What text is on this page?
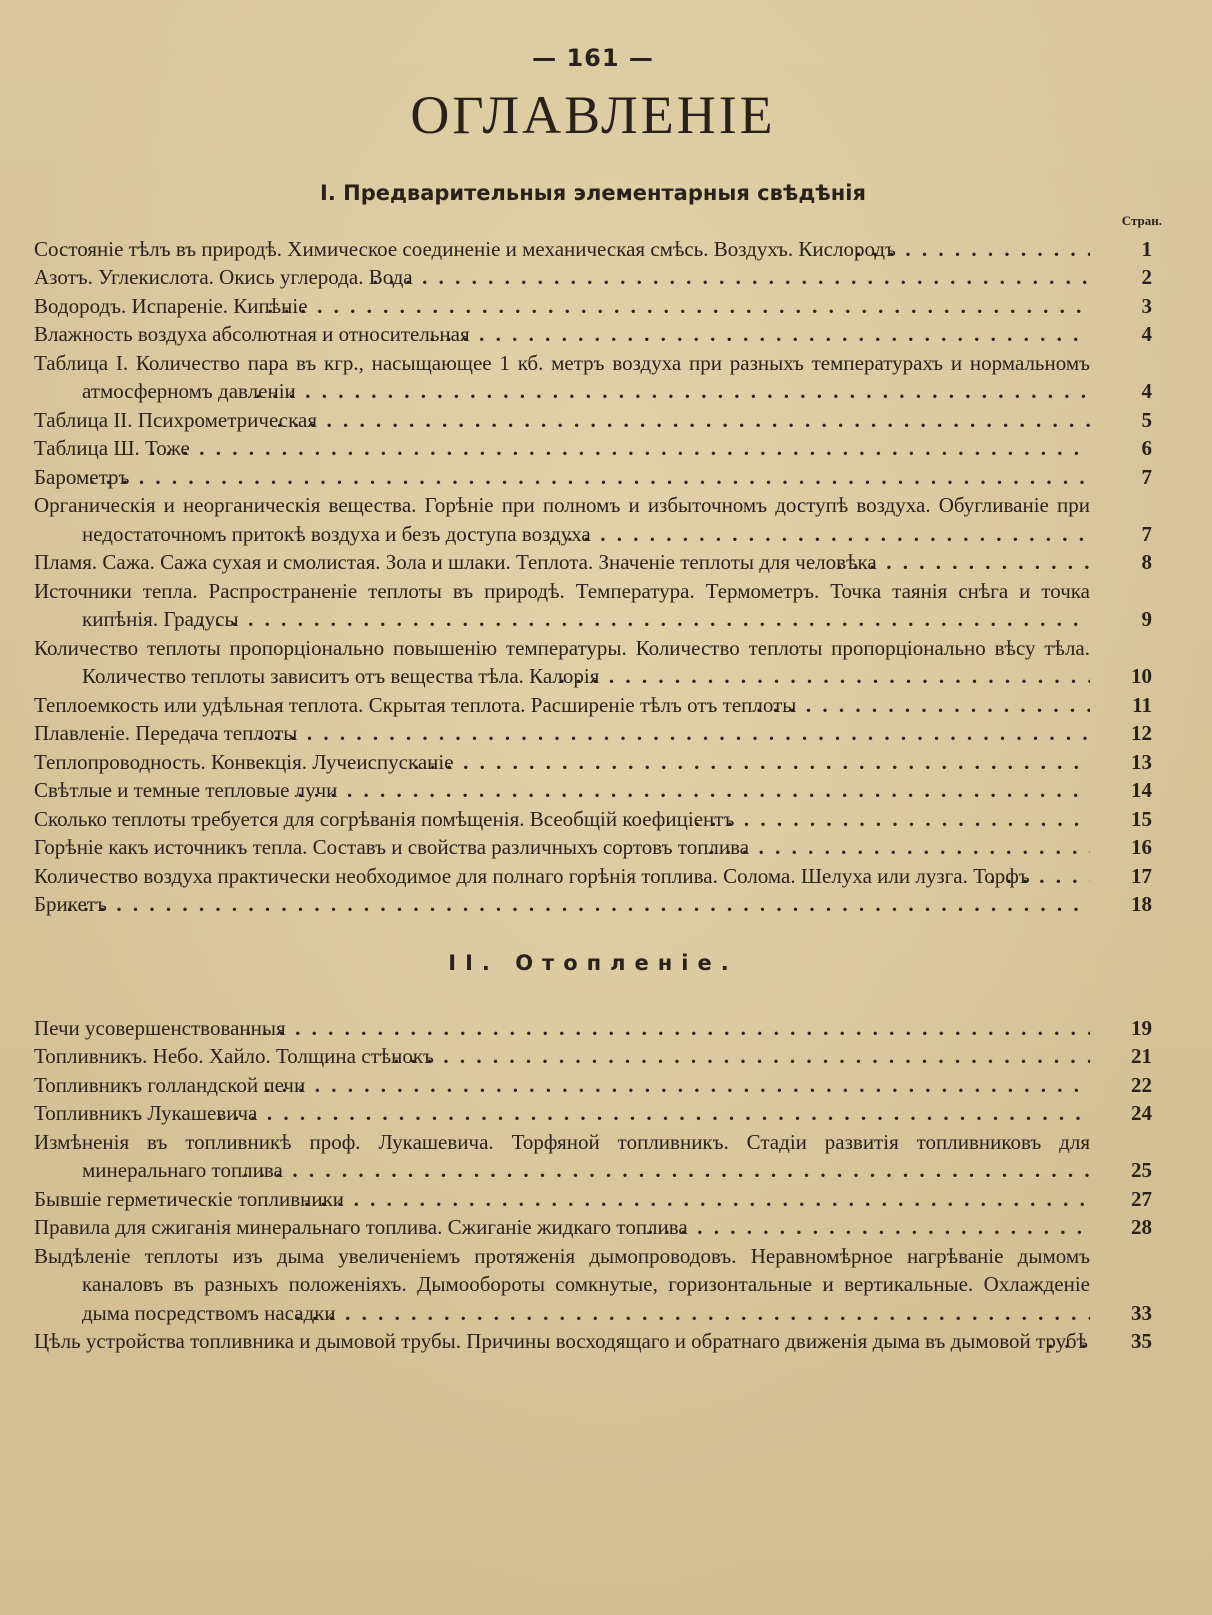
— 161 —
ОГЛАВЛЕНІЕ
I. Предварительныя элементарныя свѣдѣнія
Стран.
Состояніе тѣлъ въ природѣ. Химическое соединеніе и механическая смѣсь. Воздухъ. Кислородъ . . .	1
Азотъ. Углекислота. Окись углерода. Вода . . .	2
Водородъ. Испареніе. Кипѣніе . . .	3
Влажность воздуха абсолютная и относительная . . .	4
Таблица I. Количество пара въ кгр., насыщающее 1 кб. метръ воздуха при разныхъ температурахъ и нормальномъ атмосферномъ давленіи . . .	4
Таблица II. Психрометрическая . . .	5
Таблица Ш. Тоже . . .	6
Барометръ . . .	7
Органическія и неорганическія вещества. Горѣніе при полномъ и избыточномъ доступѣ воздуха. Обугливаніе при недостаточномъ притокѣ воздуха и безъ доступа воздуха . . .	7
Пламя. Сажа. Сажа сухая и смолистая. Зола и шлаки. Теплота. Значеніе теплоты для человѣка . . .	8
Источники тепла. Распространеніе теплоты въ природѣ. Температура. Термометръ. Точка таянія снѣга и точка кипѣнія. Градусы . . .	9
Количество теплоты пропорціонально повышенію температуры. Количество теплоты пропорціонально вѣсу тѣла. Количество теплоты зависитъ отъ вещества тѣла. Калорія . . .	10
Теплоемкость или удѣльная теплота. Скрытая теплота. Расширеніе тѣлъ отъ теплоты . . .	11
Плавленіе. Передача теплоты . . .	12
Теплопроводность. Конвекція. Лучеиспусканіе . . .	13
Свѣтлые и темные тепловые лучи . . .	14
Сколько теплоты требуется для согрѣванія помѣщенія. Всеобщій коефиціентъ . . .	15
Горѣніе какъ источникъ тепла. Составъ и свойства различныхъ сортовъ топлива . . .	16
Количество воздуха практически необходимое для полнаго горѣнія топлива. Солома. Шелуха или лузга. Торфъ . . .	17
Брикетъ . . .	18
II. Отопленіе.
Печи усовершенствованныя . . .	19
Топливникъ. Небо. Хайло. Толщина стѣнокъ . . .	21
Топливникъ голландской печи . . .	22
Топливникъ Лукашевича . . .	24
Измѣненія въ топливникѣ проф. Лукашевича. Торфяной топливникъ. Стадіи развитія топливниковъ для минеральнаго топлива . . .	25
Бывшіе герметическіе топливники . . .	27
Правила для сжиганія минеральнаго топлива. Сжиганіе жидкаго топлива . . .	28
Выдѣленіе теплоты изъ дыма увеличеніемъ протяженія дымопроводовъ. Неравномѣрное нагрѣваніе дымомъ каналовъ въ разныхъ положеніяхъ. Дымообороты сомкнутые, горизонтальные и вертикальные. Охлажденіе дыма посредствомъ насадки . . .	33
Цѣль устройства топливника и дымовой трубы. Причины восходящаго и обратнаго движенія дыма въ дымовой трубѣ . . .	35
